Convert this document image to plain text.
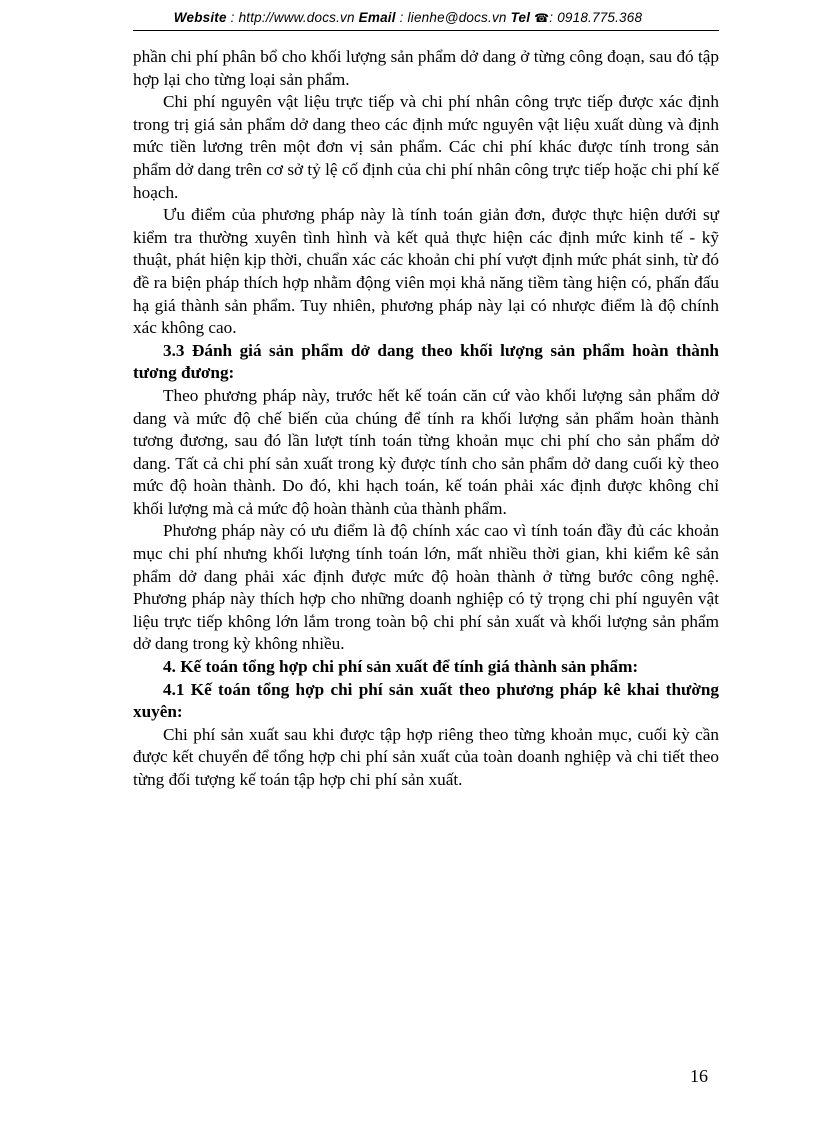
Website : http://www.docs.vn Email : lienhe@docs.vn Tel ☎: 0918.775.368

phần chi phí phân bổ cho khối lượng sản phẩm dở dang ở từng công đoạn, sau đó tập hợp lại cho từng loại sản phẩm.

Chi phí nguyên vật liệu trực tiếp và chi phí nhân công trực tiếp được xác định trong trị giá sản phẩm dở dang theo các định mức nguyên vật liệu xuất dùng và định mức tiền lương trên một đơn vị sản phẩm. Các chi phí khác được tính trong sản phẩm dở dang trên cơ sở tỷ lệ cố định của chi phí nhân công trực tiếp hoặc chi phí kế hoạch.

Ưu điểm của phương pháp này là tính toán giản đơn, được thực hiện dưới sự kiểm tra thường xuyên tình hình và kết quả thực hiện các định mức kinh tế - kỹ thuật, phát hiện kịp thời, chuẩn xác các khoản chi phí vượt định mức phát sinh, từ đó đề ra biện pháp thích hợp nhằm động viên mọi khả năng tiềm tàng hiện có, phấn đấu hạ giá thành sản phẩm. Tuy nhiên, phương pháp này lại có nhược điểm là độ chính xác không cao.

3.3 Đánh giá sản phẩm dở dang theo khối lượng sản phẩm hoàn thành tương đương:

Theo phương pháp này, trước hết kế toán căn cứ vào khối lượng sản phẩm dở dang và mức độ chế biến của chúng để tính ra khối lượng sản phẩm hoàn thành tương đương, sau đó lần lượt tính toán từng khoản mục chi phí cho sản phẩm dở dang. Tất cả chi phí sản xuất trong kỳ được tính cho sản phẩm dở dang cuối kỳ theo mức độ hoàn thành. Do đó, khi hạch toán, kế toán phải xác định được không chỉ khối lượng mà cả mức độ hoàn thành của thành phẩm.

Phương pháp này có ưu điểm là độ chính xác cao vì tính toán đầy đủ các khoản mục chi phí nhưng khối lượng tính toán lớn, mất nhiều thời gian, khi kiểm kê sản phẩm dở dang phải xác định được mức độ hoàn thành ở từng bước công nghệ. Phương pháp này thích hợp cho những doanh nghiệp có tỷ trọng chi phí nguyên vật liệu trực tiếp không lớn lắm trong toàn bộ chi phí sản xuất và khối lượng sản phẩm dở dang trong kỳ không nhiều.

4. Kế toán tổng hợp chi phí sản xuất để tính giá thành sản phẩm:

4.1 Kế toán tổng hợp chi phí sản xuất theo phương pháp kê khai thường xuyên:

Chi phí sản xuất sau khi được tập hợp riêng theo từng khoản mục, cuối kỳ cần được kết chuyển để tổng hợp chi phí sản xuất của toàn doanh nghiệp và chi tiết theo từng đối tượng kế toán tập hợp chi phí sản xuất.

16
